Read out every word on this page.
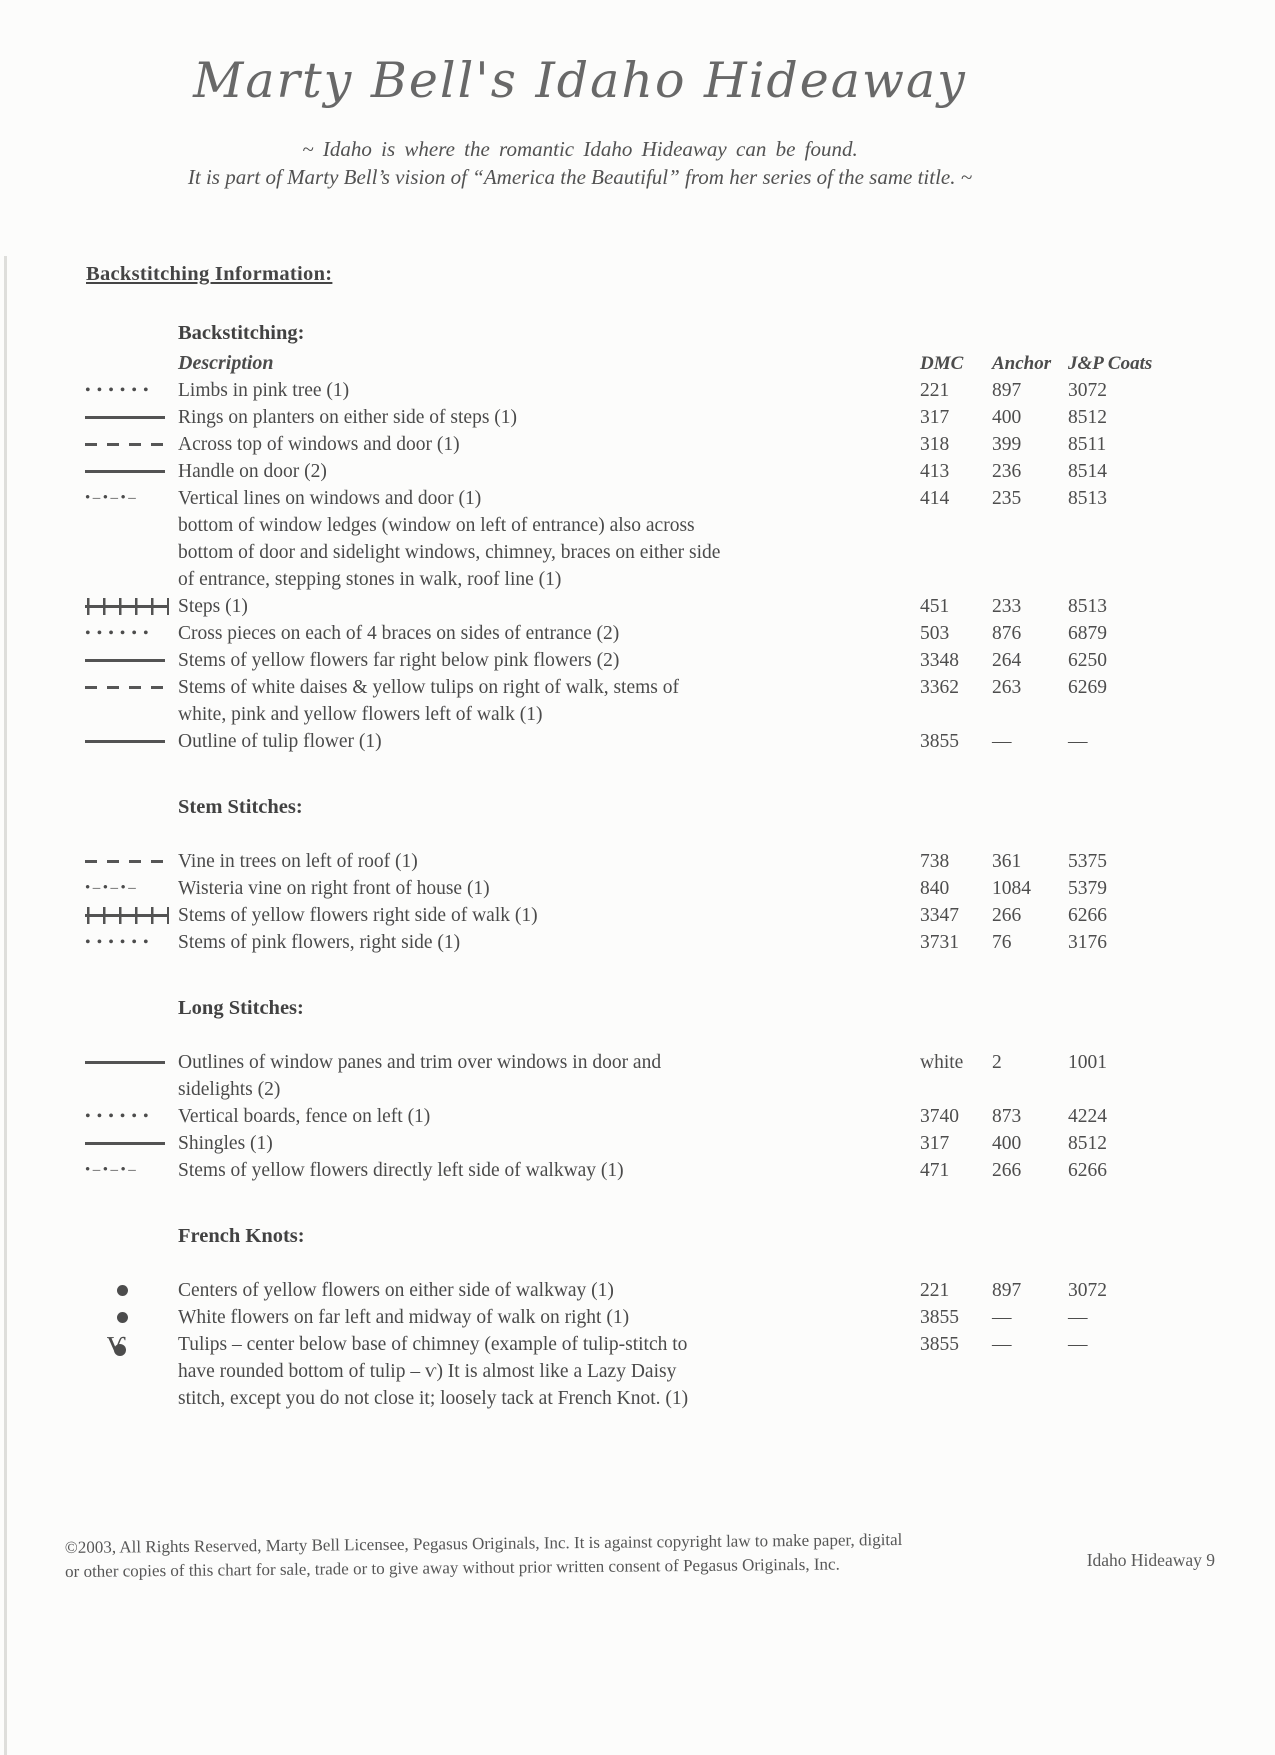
Marty Bell's Idaho Hideaway
~ Idaho is where the romantic Idaho Hideaway can be found.
It is part of Marty Bell’s vision of “America the Beautiful” from her series of the same title. ~
Backstitching Information:
Backstitching:
Description	DMC	Anchor J&P Coats
••••••
Limbs in pink tree (1)	221	897	3072
Rings on planters on either side of steps (1)	317	400	8512
Across top of windows and door (1)	318	399	8511
Handle on door (2)	413	236	8514
•–•–•–
Vertical lines on windows and door (1)
bottom of window ledges (window on left of entrance) also across
bottom of door and sidelight windows, chimney, braces on either side
of entrance, stepping stones in walk, roof line (1)
414	235	8513
Steps (1)	451	233	8513
••••••
Cross pieces on each of 4 braces on sides of entrance (2)	503	876	6879
Stems of yellow flowers far right below pink flowers (2)	3348	264	6250
Stems of white daises & yellow tulips on right of walk, stems of
white, pink and yellow flowers left of walk (1)
3362	263	6269
Outline of tulip flower (1)	3855	—	—
Stem Stitches:
Vine in trees on left of roof (1)	738	361	5375
•–•–•–
Wisteria vine on right front of house (1)	840	1084	5379
Stems of yellow flowers right side of walk (1)	3347	266	6266
••••••
Stems of pink flowers, right side (1)	3731	76	3176
Long Stitches:
Outlines of window panes and trim over windows in door and
sidelights (2)
white	2	1001
••••••
Vertical boards, fence on left (1)	3740	873	4224
Shingles (1)	317	400	8512
•–•–•–
Stems of yellow flowers directly left side of walkway (1)	471	266	6266
French Knots:
Centers of yellow flowers on either side of walkway (1)	221	897	3072
White flowers on far left and midway of walk on right (1)	3855	—	—
ѵ
Tulips – center below base of chimney (example of tulip-stitch to
have rounded bottom of tulip – ѵ) It is almost like a Lazy Daisy
stitch, except you do not close it; loosely tack at French Knot. (1)
3855	—	—
©2003, All Rights Reserved, Marty Bell Licensee, Pegasus Originals, Inc. It is against copyright law to make paper, digital
or other copies of this chart for sale, trade or to give away without prior written consent of Pegasus Originals, Inc.	Idaho Hideaway 9
